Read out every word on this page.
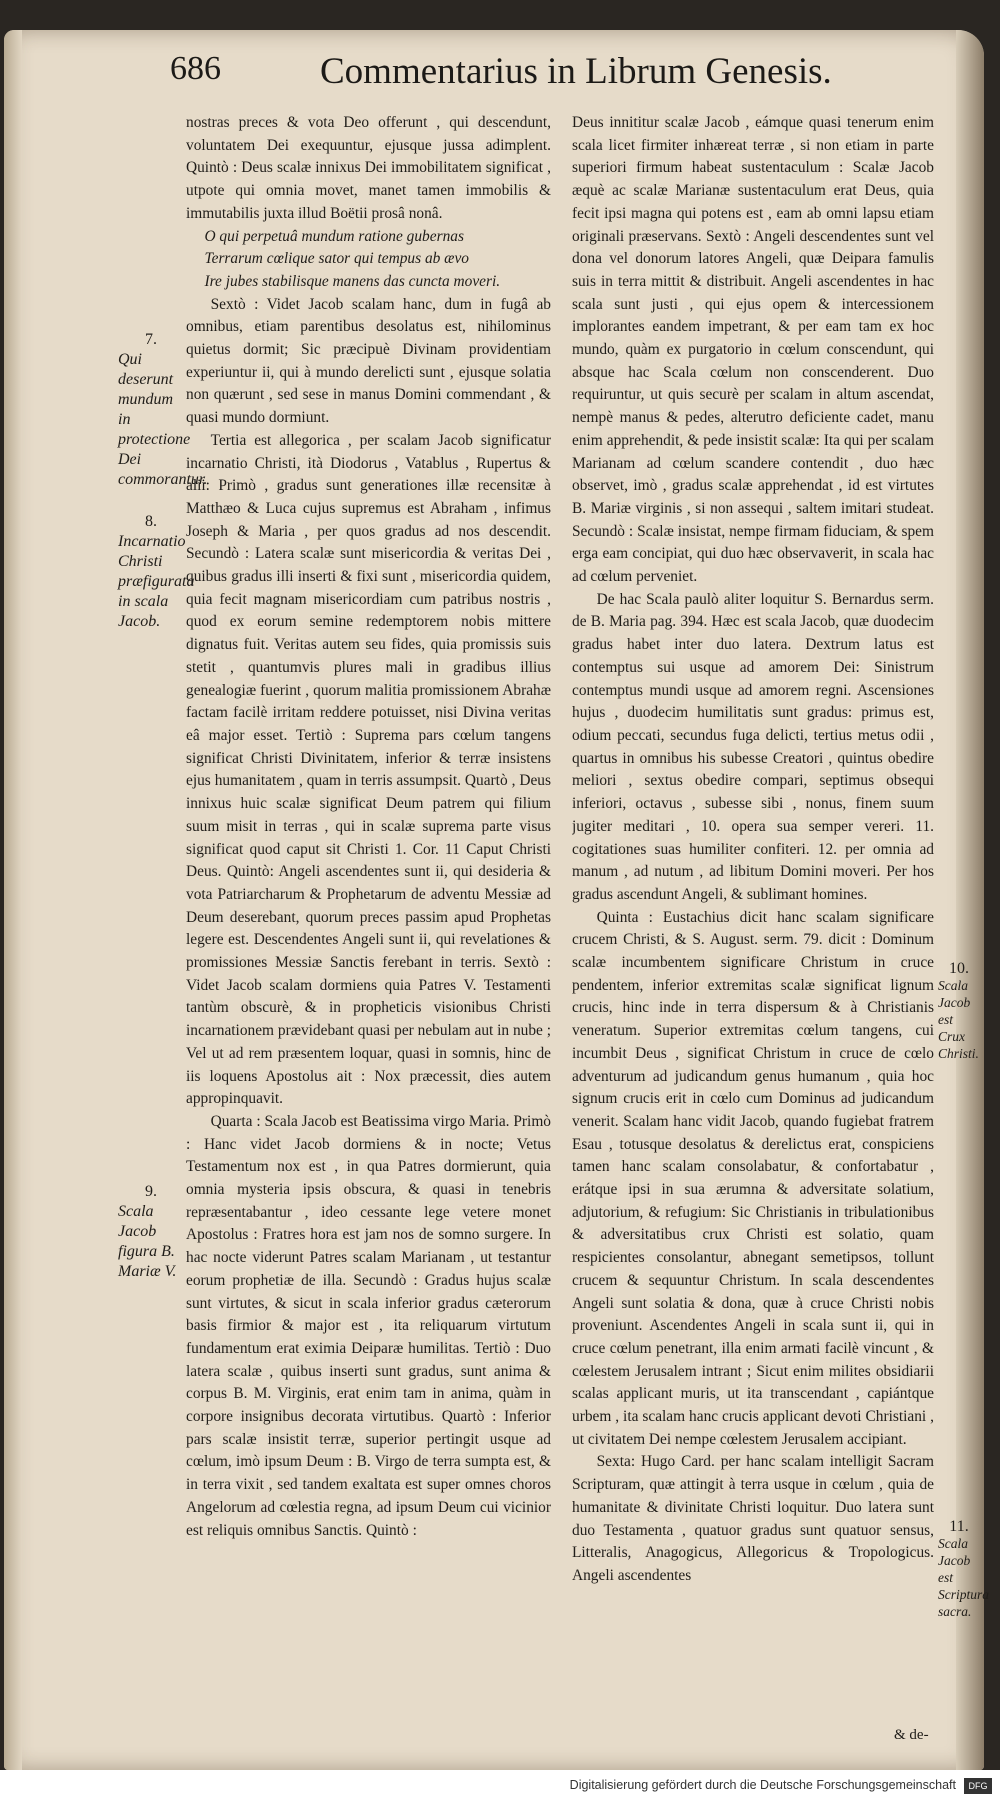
686	Commentarius in Librum Genesis.

nostras preces & vota Deo offerunt , qui descendunt, voluntatem Dei exequuntur, ejusque jussa adimplent. Quintò : Deus scalæ innixus Dei immobilitatem significat , utpote qui omnia movet, manet tamen immobilis & immutabilis juxta illud Boëtii prosâ nonâ.

O qui perpetuâ mundum ratione gubernas

Terrarum cœlique sator qui tempus ab ævo

Ire jubes stabilisque manens das cuncta moveri.

Sextò : Videt Jacob scalam hanc, dum in fugâ ab omnibus, etiam parentibus desolatus est, nihilominus quietus dormit; Sic præcipuè Divinam providentiam experiuntur ii, qui à mundo derelicti sunt , ejusque solatia non quærunt , sed sese in manus Domini commendant , & quasi mundo dormiunt.

Tertia est allegorica , per scalam Jacob significatur incarnatio Christi, ità Diodorus , Vatablus , Rupertus & alii: Primò , gradus sunt generationes illæ recensitæ à Matthæo & Luca cujus supremus est Abraham , infimus Joseph & Maria , per quos gradus ad nos descendit. Secundò : Latera scalæ sunt misericordia & veritas Dei , quibus gradus illi inserti & fixi sunt , misericordia quidem, quia fecit magnam misericordiam cum patribus nostris , quod ex eorum semine redemptorem nobis mittere dignatus fuit. Veritas autem seu fides, quia promissis suis stetit , quantumvis plures mali in gradibus illius genealogiæ fuerint , quorum malitia promissionem Abrahæ factam facilè irritam reddere potuisset, nisi Divina veritas eâ major esset. Tertiò : Suprema pars cœlum tangens significat Christi Divinitatem, inferior & terræ insistens ejus humanitatem , quam in terris assumpsit. Quartò , Deus innixus huic scalæ significat Deum patrem qui filium suum misit in terras , qui in scalæ suprema parte visus significat quod caput sit Christi 1. Cor. 11 Caput Christi Deus. Quintò: Angeli ascendentes sunt ii, qui desideria & vota Patriarcharum & Prophetarum de adventu Messiæ ad Deum deserebant, quorum preces passim apud Prophetas legere est. Descendentes Angeli sunt ii, qui revelationes & promissiones Messiæ Sanctis ferebant in terris. Sextò : Videt Jacob scalam dormiens quia Patres V. Testamenti tantùm obscurè, & in propheticis visionibus Christi incarnationem prævidebant quasi per nebulam aut in nube ; Vel ut ad rem præsentem loquar, quasi in somnis, hinc de iis loquens Apostolus ait : Nox præcessit, dies autem appropinquavit.

Quarta : Scala Jacob est Beatissima virgo Maria. Primò : Hanc videt Jacob dormiens & in nocte; Vetus Testamentum nox est , in qua Patres dormierunt, quia omnia mysteria ipsis obscura, & quasi in tenebris repræsentabantur , ideo cessante lege vetere monet Apostolus : Fratres hora est jam nos de somno surgere. In hac nocte viderunt Patres scalam Marianam , ut testantur eorum prophetiæ de illa. Secundò : Gradus hujus scalæ sunt virtutes, & sicut in scala inferior gradus cæterorum basis firmior & major est , ita reliquarum virtutum fundamentum erat eximia Deiparæ humilitas. Tertiò : Duo latera scalæ , quibus inserti sunt gradus, sunt anima & corpus B. M. Virginis, erat enim tam in anima, quàm in corpore insignibus decorata virtutibus. Quartò : Inferior pars scalæ insistit terræ, superior pertingit usque ad cœlum, imò ipsum Deum : B. Virgo de terra sumpta est, & in terra vixit , sed tandem exaltata est super omnes choros Angelorum ad cœlestia regna, ad ipsum Deum cui vicinior est reliquis omnibus Sanctis. Quintò :

Deus innititur scalæ Jacob , eámque quasi tenerum enim scala licet firmiter inhæreat terræ , si non etiam in parte superiori firmum habeat sustentaculum : Scalæ Jacob æquè ac scalæ Marianæ sustentaculum erat Deus, quia fecit ipsi magna qui potens est , eam ab omni lapsu etiam originali præservans. Sextò : Angeli descendentes sunt vel dona vel donorum latores Angeli, quæ Deipara famulis suis in terra mittit & distribuit. Angeli ascendentes in hac scala sunt justi , qui ejus opem & intercessionem implorantes eandem impetrant, & per eam tam ex hoc mundo, quàm ex purgatorio in cœlum conscendunt, qui absque hac Scala cœlum non conscenderent. Duo requiruntur, ut quis securè per scalam in altum ascendat, nempè manus & pedes, alterutro deficiente cadet, manu enim apprehendit, & pede insistit scalæ: Ita qui per scalam Marianam ad cœlum scandere contendit , duo hæc observet, imò , gradus scalæ apprehendat , id est virtutes B. Mariæ virginis , si non assequi , saltem imitari studeat. Secundò : Scalæ insistat, nempe firmam fiduciam, & spem erga eam concipiat, qui duo hæc observaverit, in scala hac ad cœlum perveniet.

De hac Scala paulò aliter loquitur S. Bernardus serm. de B. Maria pag. 394. Hæc est scala Jacob, quæ duodecim gradus habet inter duo latera. Dextrum latus est contemptus sui usque ad amorem Dei: Sinistrum contemptus mundi usque ad amorem regni. Ascensiones hujus , duodecim humilitatis sunt gradus: primus est, odium peccati, secundus fuga delicti, tertius metus odii , quartus in omnibus his subesse Creatori , quintus obedire meliori , sextus obedire compari, septimus obsequi inferiori, octavus , subesse sibi , nonus, finem suum jugiter meditari , 10. opera sua semper vereri. 11. cogitationes suas humiliter confiteri. 12. per omnia ad manum , ad nutum , ad libitum Domini moveri. Per hos gradus ascendunt Angeli, & sublimant homines.

Quinta : Eustachius dicit hanc scalam significare crucem Christi, & S. August. serm. 79. dicit : Dominum scalæ incumbentem significare Christum in cruce pendentem, inferior extremitas scalæ significat lignum crucis, hinc inde in terra dispersum & à Christianis veneratum. Superior extremitas cœlum tangens, cui incumbit Deus , significat Christum in cruce de cœlo adventurum ad judicandum genus humanum , quia hoc signum crucis erit in cœlo cum Dominus ad judicandum venerit. Scalam hanc vidit Jacob, quando fugiebat fratrem Esau , totusque desolatus & derelictus erat, conspiciens tamen hanc scalam consolabatur, & confortabatur , erátque ipsi in sua ærumna & adversitate solatium, adjutorium, & refugium: Sic Christianis in tribulationibus & adversitatibus crux Christi est solatio, quam respicientes consolantur, abnegant semetipsos, tollunt crucem & sequuntur Christum. In scala descendentes Angeli sunt solatia & dona, quæ à cruce Christi nobis proveniunt. Ascendentes Angeli in scala sunt ii, qui in cruce cœlum penetrant, illa enim armati facilè vincunt , & cœlestem Jerusalem intrant ; Sicut enim milites obsidiarii scalas applicant muris, ut ita transcendant , capiántque urbem , ita scalam hanc crucis applicant devoti Christiani , ut civitatem Dei nempe cœlestem Jerusalem accipiant.

Sexta: Hugo Card. per hanc scalam intelligit Sacram Scripturam, quæ attingit à terra usque in cœlum , quia de humanitate & divinitate Christi loquitur. Duo latera sunt duo Testamenta , quatuor gradus sunt quatuor sensus, Litteralis, Anagogicus, Allegoricus & Tropologicus. Angeli ascendentes

7.
Qui deserunt mundum in protectione Dei commorantur.
8.
Incarnatio Christi præfigurata in scala Jacob.
9.
Scala Jacob figura B. Mariæ V.
10.
Scala Jacob est Crux Christi.
11.
Scala Jacob est Scriptura sacra.
& de-
Digitalisierung gefördert durch die Deutsche Forschungsgemeinschaft	DFG
